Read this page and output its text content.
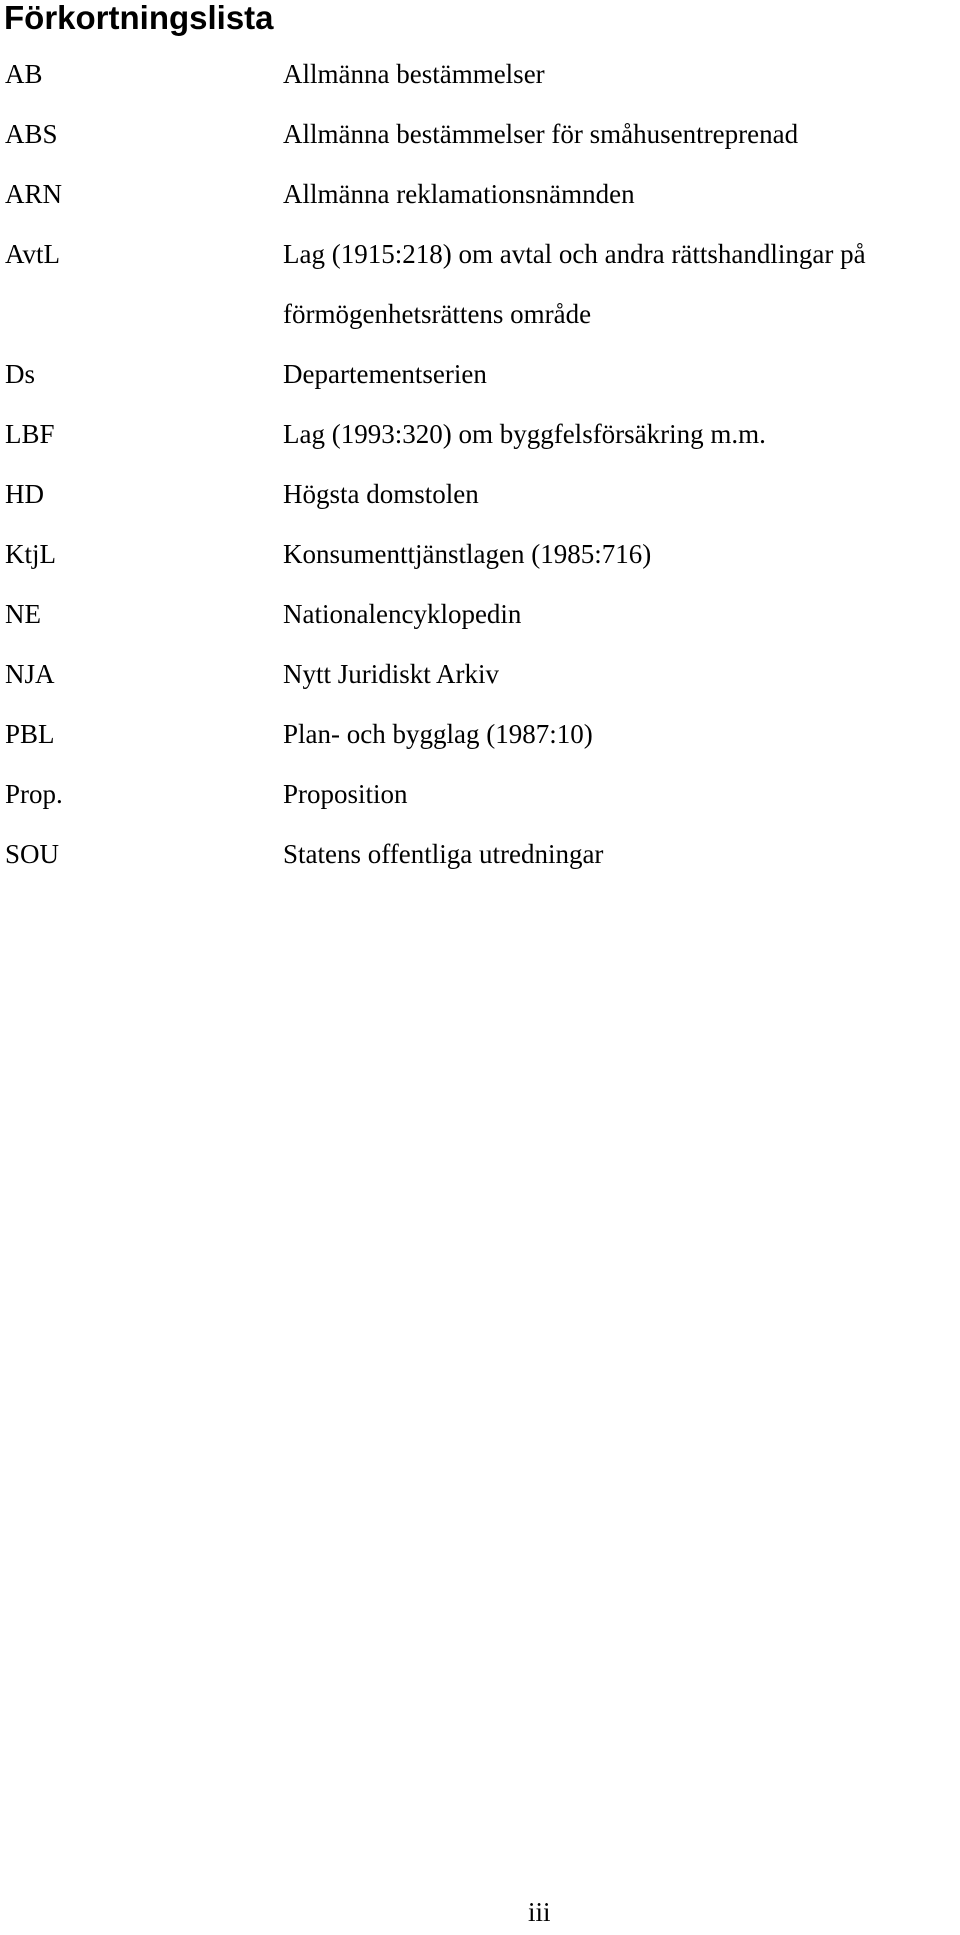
Förkortningslista
AB	Allmänna bestämmelser
ABS	Allmänna bestämmelser för småhusentreprenad
ARN	Allmänna reklamationsnämnden
AvtL	Lag (1915:218) om avtal och andra rättshandlingar på
förmögenhetsrättens område
Ds	Departementserien
LBF	Lag (1993:320) om byggfelsförsäkring m.m.
HD	Högsta domstolen
KtjL	Konsumenttjänstlagen (1985:716)
NE	Nationalencyklopedin
NJA	Nytt Juridiskt Arkiv
PBL	Plan- och bygglag (1987:10)
Prop.	Proposition
SOU	Statens offentliga utredningar
iii
